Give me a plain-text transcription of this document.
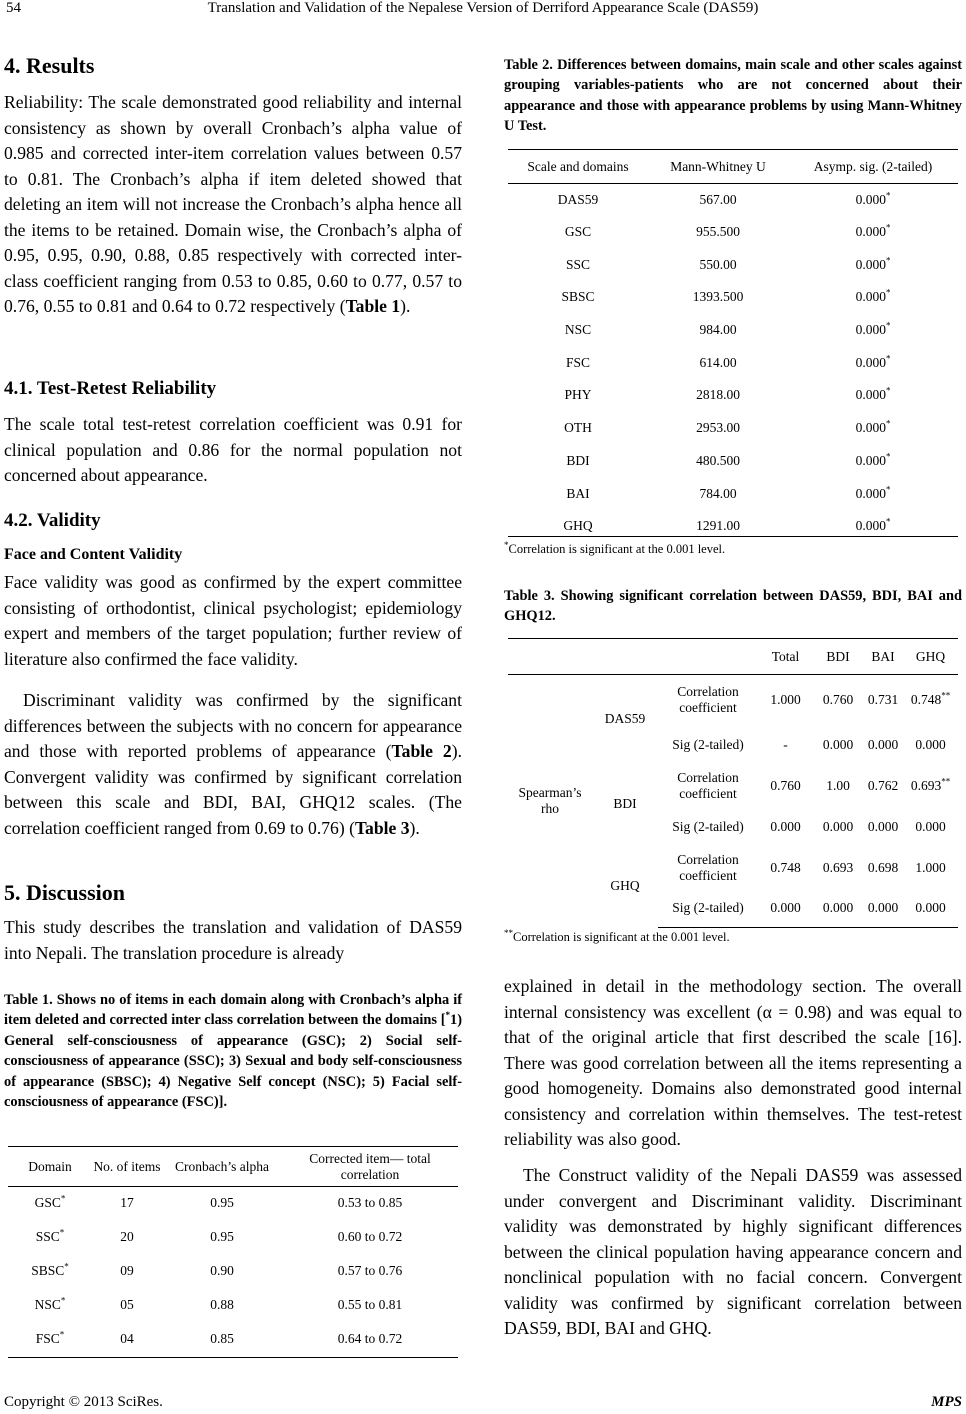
54	Translation and Validation of the Nepalese Version of Derriford Appearance Scale (DAS59)
4. Results

Reliability: The scale demonstrated good reliability and internal consistency as shown by overall Cronbach’s alpha value of 0.985 and corrected inter-item correlation values between 0.57 to 0.81. The Cronbach’s alpha if item deleted showed that deleting an item will not increase the Cronbach’s alpha hence all the items to be retained. Domain wise, the Cronbach’s alpha of 0.95, 0.95, 0.90, 0.88, 0.85 respectively with corrected inter-class coefficient ranging from 0.53 to 0.85, 0.60 to 0.77, 0.57 to 0.76, 0.55 to 0.81 and 0.64 to 0.72 respectively (Table 1).

4.1. Test-Retest Reliability

The scale total test-retest correlation coefficient was 0.91 for clinical population and 0.86 for the normal population not concerned about appearance.

4.2. Validity

Face and Content Validity

Face validity was good as confirmed by the expert committee consisting of orthodontist, clinical psychologist; epidemiology expert and members of the target population; further review of literature also confirmed the face validity.

Discriminant validity was confirmed by the significant differences between the subjects with no concern for appearance and those with reported problems of appearance (Table 2). Convergent validity was confirmed by significant correlation between this scale and BDI, BAI, GHQ12 scales. (The correlation coefficient ranged from 0.69 to 0.76) (Table 3).

5. Discussion

This study describes the translation and validation of DAS59 into Nepali. The translation procedure is already

Table 1. Shows no of items in each domain along with Cronbach’s alpha if item deleted and corrected inter class correlation between the domains [*1) General self-consciousness of appearance (GSC); 2) Social self-consciousness of appearance (SSC); 3) Sexual and body self-consciousness of appearance (SBSC); 4) Negative Self concept (NSC); 5) Facial self-consciousness of appearance (FSC)].

Domain	No. of items	Cronbach’s alpha	Corrected item— total correlation
GSC*	17	0.95	0.53 to 0.85
SSC*	20	0.95	0.60 to 0.72
SBSC*	09	0.90	0.57 to 0.76
NSC*	05	0.88	0.55 to 0.81
FSC*	04	0.85	0.64 to 0.72

Table 2. Differences between domains, main scale and other scales against grouping variables-patients who are not concerned about their appearance and those with appearance problems by using Mann-Whitney U Test.

Scale and domains	Mann-Whitney U	Asymp. sig. (2-tailed)
DAS59	567.00	0.000*
GSC	955.500	0.000*
SSC	550.00	0.000*
SBSC	1393.500	0.000*
NSC	984.00	0.000*
FSC	614.00	0.000*
PHY	2818.00	0.000*
OTH	2953.00	0.000*
BDI	480.500	0.000*
BAI	784.00	0.000*
GHQ	1291.00	0.000*
*Correlation is significant at the 0.001 level.

Table 3. Showing significant correlation between DAS59, BDI, BAI and GHQ12.

			Total	BDI	BAI	GHQ
Spearman’s rho	DAS59	Correlation coefficient	1.000	0.760	0.731	0.748**
		Sig (2-tailed)	-	0.000	0.000	0.000
	BDI	Correlation coefficient	0.760	1.00	0.762	0.693**
		Sig (2-tailed)	0.000	0.000	0.000	0.000
	GHQ	Correlation coefficient	0.748	0.693	0.698	1.000
		Sig (2-tailed)	0.000	0.000	0.000	0.000
**Correlation is significant at the 0.001 level.

explained in detail in the methodology section. The overall internal consistency was excellent (α = 0.98) and was equal to that of the original article that first described the scale [16]. There was good correlation between all the items representing a good homogeneity. Domains also demonstrated good internal consistency and correlation within themselves. The test-retest reliability was also good.

The Construct validity of the Nepali DAS59 was assessed under convergent and Discriminant validity. Discriminant validity was demonstrated by highly significant differences between the clinical population having appearance concern and nonclinical population with no facial concern. Convergent validity was confirmed by significant correlation between DAS59, BDI, BAI and GHQ.

Copyright © 2013 SciRes.	MPS
